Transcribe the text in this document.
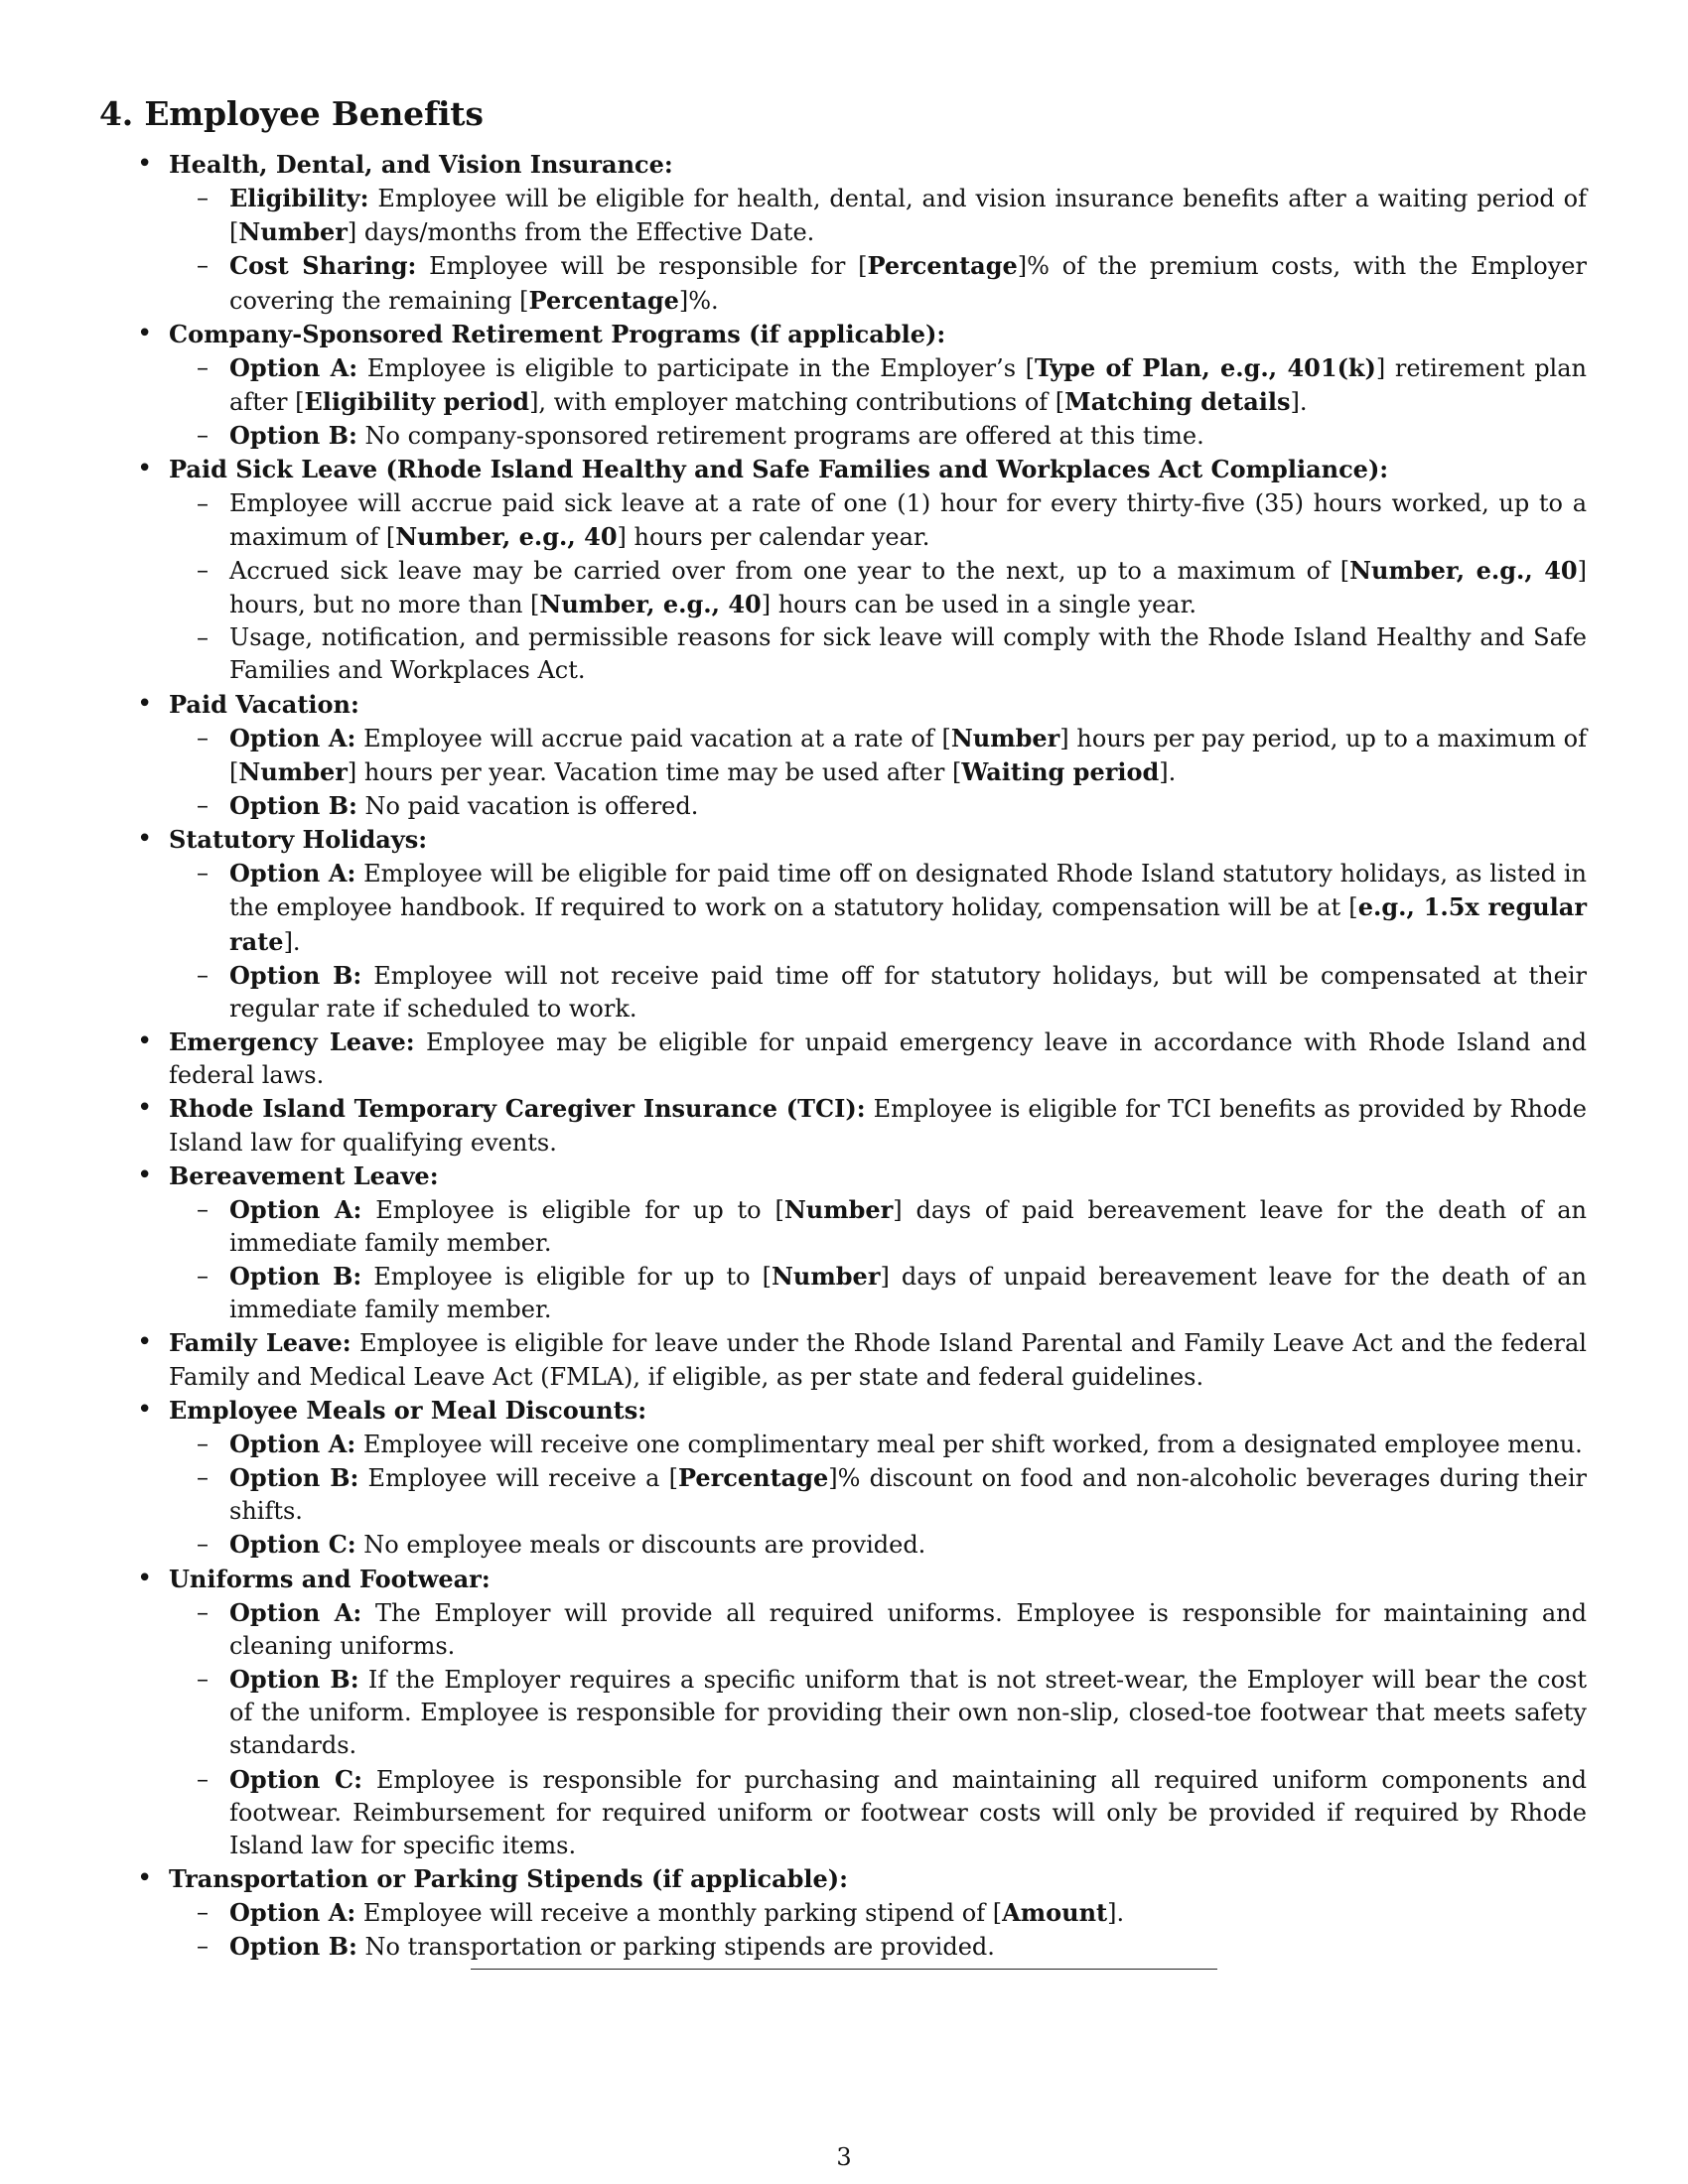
4. Employee Benefits
• Health, Dental, and Vision Insurance:
– Eligibility: Employee will be eligible for health, dental, and vision insurance benefits after a waiting period of [Number] days/months from the Effective Date.
– Cost Sharing: Employee will be responsible for [Percentage]% of the premium costs, with the Employer covering the remaining [Percentage]%.
• Company-Sponsored Retirement Programs (if applicable):
– Option A: Employee is eligible to participate in the Employer’s [Type of Plan, e.g., 401(k)] retirement plan after [Eligibility period], with employer matching contributions of [Matching details].
– Option B: No company-sponsored retirement programs are offered at this time.
• Paid Sick Leave (Rhode Island Healthy and Safe Families and Workplaces Act Compliance):
– Employee will accrue paid sick leave at a rate of one (1) hour for every thirty-five (35) hours worked, up to a maximum of [Number, e.g., 40] hours per calendar year.
– Accrued sick leave may be carried over from one year to the next, up to a maximum of [Number, e.g., 40] hours, but no more than [Number, e.g., 40] hours can be used in a single year.
– Usage, notification, and permissible reasons for sick leave will comply with the Rhode Island Healthy and Safe Families and Workplaces Act.
• Paid Vacation:
– Option A: Employee will accrue paid vacation at a rate of [Number] hours per pay period, up to a maximum of [Number] hours per year. Vacation time may be used after [Waiting period].
– Option B: No paid vacation is offered.
• Statutory Holidays:
– Option A: Employee will be eligible for paid time off on designated Rhode Island statutory holidays, as listed in the employee handbook. If required to work on a statutory holiday, compensation will be at [e.g., 1.5x regular rate].
– Option B: Employee will not receive paid time off for statutory holidays, but will be compensated at their regular rate if scheduled to work.
• Emergency Leave: Employee may be eligible for unpaid emergency leave in accordance with Rhode Island and federal laws.
• Rhode Island Temporary Caregiver Insurance (TCI): Employee is eligible for TCI benefits as provided by Rhode Island law for qualifying events.
• Bereavement Leave:
– Option A: Employee is eligible for up to [Number] days of paid bereavement leave for the death of an immediate family member.
– Option B: Employee is eligible for up to [Number] days of unpaid bereavement leave for the death of an immediate family member.
• Family Leave: Employee is eligible for leave under the Rhode Island Parental and Family Leave Act and the federal Family and Medical Leave Act (FMLA), if eligible, as per state and federal guidelines.
• Employee Meals or Meal Discounts:
– Option A: Employee will receive one complimentary meal per shift worked, from a designated employee menu.
– Option B: Employee will receive a [Percentage]% discount on food and non-alcoholic beverages during their shifts.
– Option C: No employee meals or discounts are provided.
• Uniforms and Footwear:
– Option A: The Employer will provide all required uniforms. Employee is responsible for maintaining and cleaning uniforms.
– Option B: If the Employer requires a specific uniform that is not street-wear, the Employer will bear the cost of the uniform. Employee is responsible for providing their own non-slip, closed-toe footwear that meets safety standards.
– Option C: Employee is responsible for purchasing and maintaining all required uniform components and footwear. Reimbursement for required uniform or footwear costs will only be provided if required by Rhode Island law for specific items.
• Transportation or Parking Stipends (if applicable):
– Option A: Employee will receive a monthly parking stipend of [Amount].
– Option B: No transportation or parking stipends are provided.
3
